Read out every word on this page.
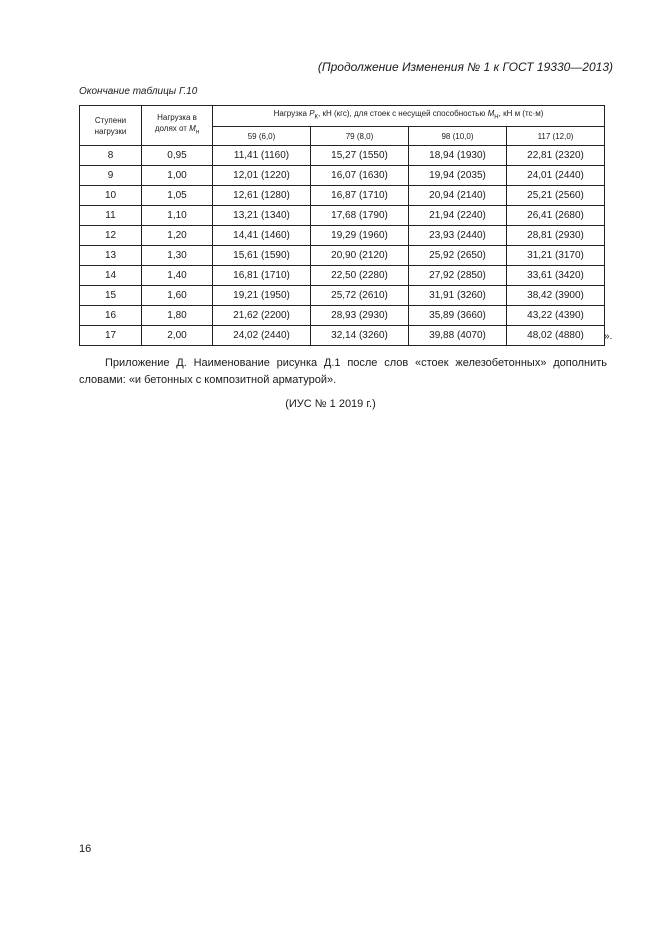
(Продолжение Изменения № 1 к ГОСТ 19330—2013)
Окончание таблицы Г.10
Ступени нагрузки	Нагрузка в долях от $M_н$	Нагрузка $P_К$, кН (кгс), для стоек с несущей способностью $M_Н$, кН м (тс·м)			
		59 (6,0)	79 (8,0)	98 (10,0)	117 (12,0)
8	0,95	11,41 (1160)	15,27 (1550)	18,94 (1930)	22,81 (2320)
9	1,00	12,01 (1220)	16,07 (1630)	19,94 (2035)	24,01 (2440)
10	1,05	12,61 (1280)	16,87 (1710)	20,94 (2140)	25,21 (2560)
11	1,10	13,21 (1340)	17,68 (1790)	21,94 (2240)	26,41 (2680)
12	1,20	14,41 (1460)	19,29 (1960)	23,93 (2440)	28,81 (2930)
13	1,30	15,61 (1590)	20,90 (2120)	25,92 (2650)	31,21 (3170)
14	1,40	16,81 (1710)	22,50 (2280)	27,92 (2850)	33,61 (3420)
15	1,60	19,21 (1950)	25,72 (2610)	31,91 (3260)	38,42 (3900)
16	1,80	21,62 (2200)	28,93 (2930)	35,89 (3660)	43,22 (4390)
17	2,00	24,02 (2440)	32,14 (3260)	39,88 (4070)	48,02 (4880) ».
Приложение Д. Наименование рисунка Д.1 после слов «стоек железобетонных» дополнить словами: «и бетонных с композитной арматурой».
(ИУС № 1 2019 г.)
16
